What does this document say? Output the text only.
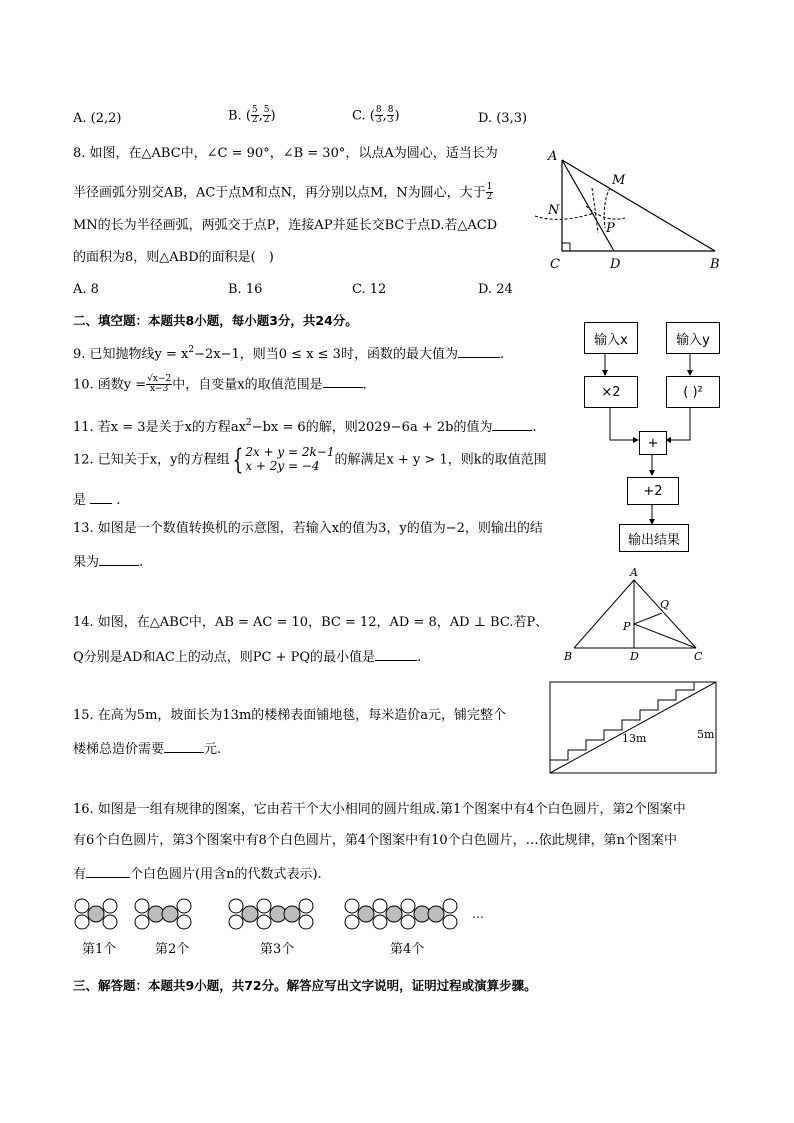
A. (2,2)	B. ( $\frac{5}{2}$ , $\frac{5}{2}$ )	C. ( $\frac{8}{3}$ , $\frac{8}{3}$ )	D. (3,3)
8. 如图，在△ABC中，∠C = 90°，∠B = 30°，以点A为圆心，适当长为
半径画弧分别交AB，AC于点M和点N，再分别以点M，N为圆心，大于 $\frac{1}{2}$
MN的长为半径画弧，两弧交于点P，连接AP并延长交BC于点D.若△ACD
的面积为8，则△ABD的面积是(　)
A. 8	B. 16	C. 12	D. 24
A
M
N
P
C	D	B
二、填空题：本题共8小题，每小题3分，共24分。
9. 已知抛物线$y = x^2-2x-1$，则当0 ≤ x ≤ 3时，函数的最大值为	.
10. 函数$y = \frac{√x-2}{x-3}$ 中，自变量x的取值范围是	.
11. 若x = 3是关于x的方程$ax^2-bx = 6$的解，则2029−6a + 2b的值为	.
12. 已知关于x，y的方程组 { 2x + y = 2k−1
x + 2y = −4	的解满足x + y > 1，则k的取值范围
是 .
13. 如图是一个数值转换机的示意图，若输入x的值为3，y的值为−2，则输出的结
果为	.
输入x	输入y
×2	( )²
+
+2
输出结果
14. 如图，在△ABC中，AB = AC = 10，BC = 12，AD = 8，AD ⊥ BC.若P、
Q分别是AD和AC上的动点，则PC + PQ的最小值是	.
A
Q
P
B	D	C
15. 在高为5m，坡面长为13m的楼梯表面铺地毯，每米造价a元，铺完整个
楼梯总造价需要	元.
13m	5m
16. 如图是一组有规律的图案，它由若干个大小相同的圆片组成.第1个图案中有4个白色圆片，第2个图案中
有6个白色圆片，第3个图案中有8个白色圆片，第4个图案中有10个白色圆片，…依此规律，第n个图案中
有	个白色圆片(用含n的代数式表示).
…
第1个	第2个	第3个	第4个
三、解答题：本题共9小题，共72分。解答应写出文字说明，证明过程或演算步骤。
